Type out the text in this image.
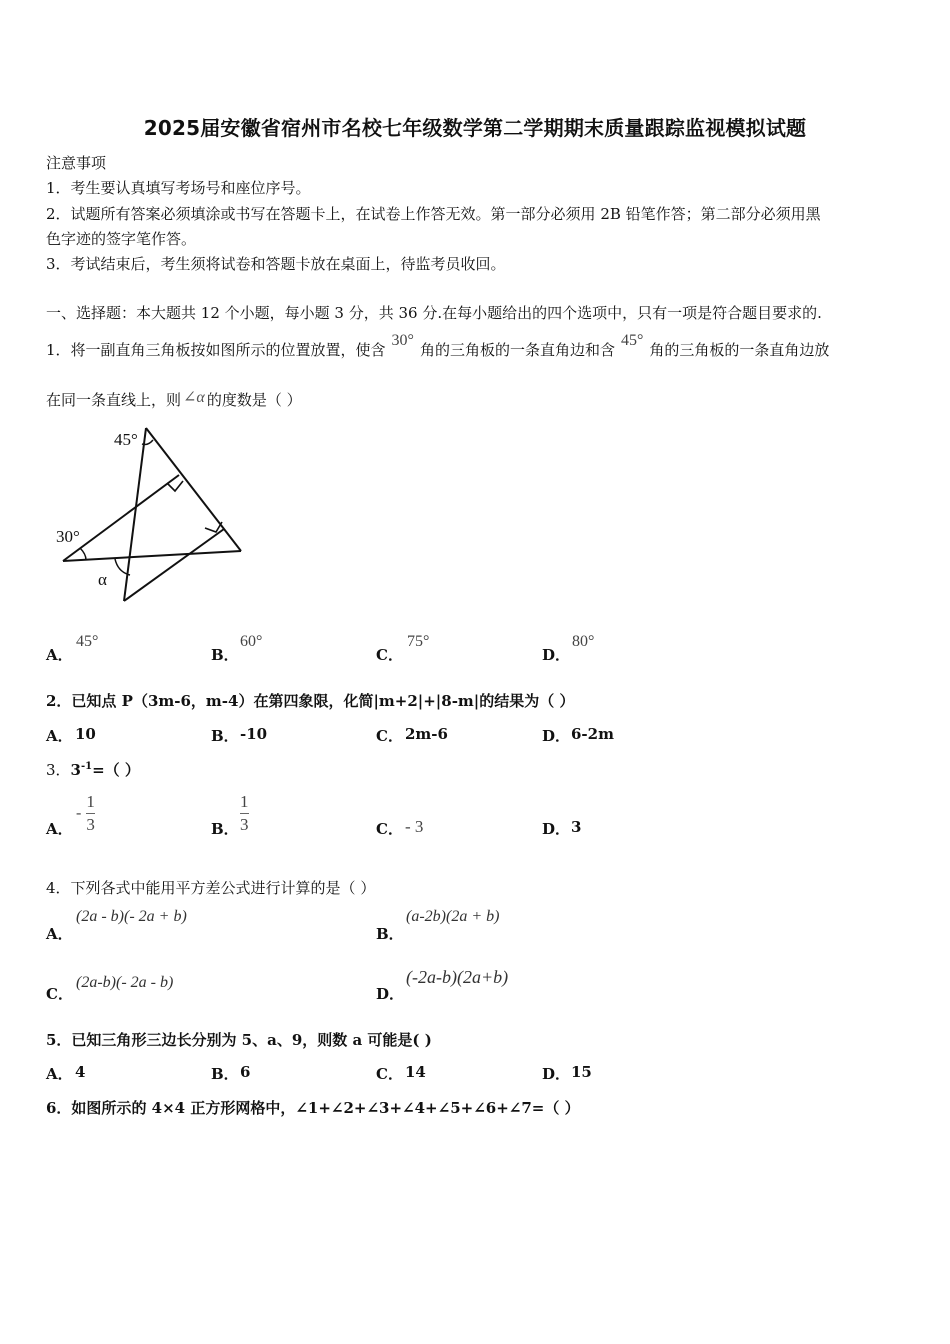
2025届安徽省宿州市名校七年级数学第二学期期末质量跟踪监视模拟试题
注意事项
1．考生要认真填写考场号和座位序号。
2．试题所有答案必须填涂或书写在答题卡上，在试卷上作答无效。第一部分必须用 2B 铅笔作答；第二部分必须用黑
色字迹的签字笔作答。
3．考试结束后，考生须将试卷和答题卡放在桌面上，待监考员收回。
一、选择题：本大题共 12 个小题，每小题 3 分，共 36 分.在每小题给出的四个选项中，只有一项是符合题目要求的.
1．将一副直角三角板按如图所示的位置放置，使含30°角的三角板的一条直角边和含45°角的三角板的一条直角边放
在同一条直线上，则 ∠α 的度数是（ ）
45°
30°
α
A．
45°
B．
60°
C．
75°
D．
80°
2．已知点 P（3m-6，m-4）在第四象限，化简|m+2|+|8-m|的结果为（ ）
A． 10	B． -10	C． 2m-6	D． 6-2m
3．$3^{-1}=$（ ）
A．
- $\frac{1}{3}$	B． $\frac{1}{3}$	C． - 3	D． 3
4．下列各式中能用平方差公式进行计算的是（ ）
A．
(2a - b)(- 2a + b)
B．
(a-2b)(2a + b)
C．
(2a-b)(- 2a - b)
D．
(-2a-b)(2a+b)
5．已知三角形三边长分别为 5、a、9，则数 a 可能是( )
A． 4	B． 6	C． 14	D． 15
6．如图所示的 4×4 正方形网格中，∠1+∠2+∠3+∠4+∠5+∠6+∠7=（ ）
